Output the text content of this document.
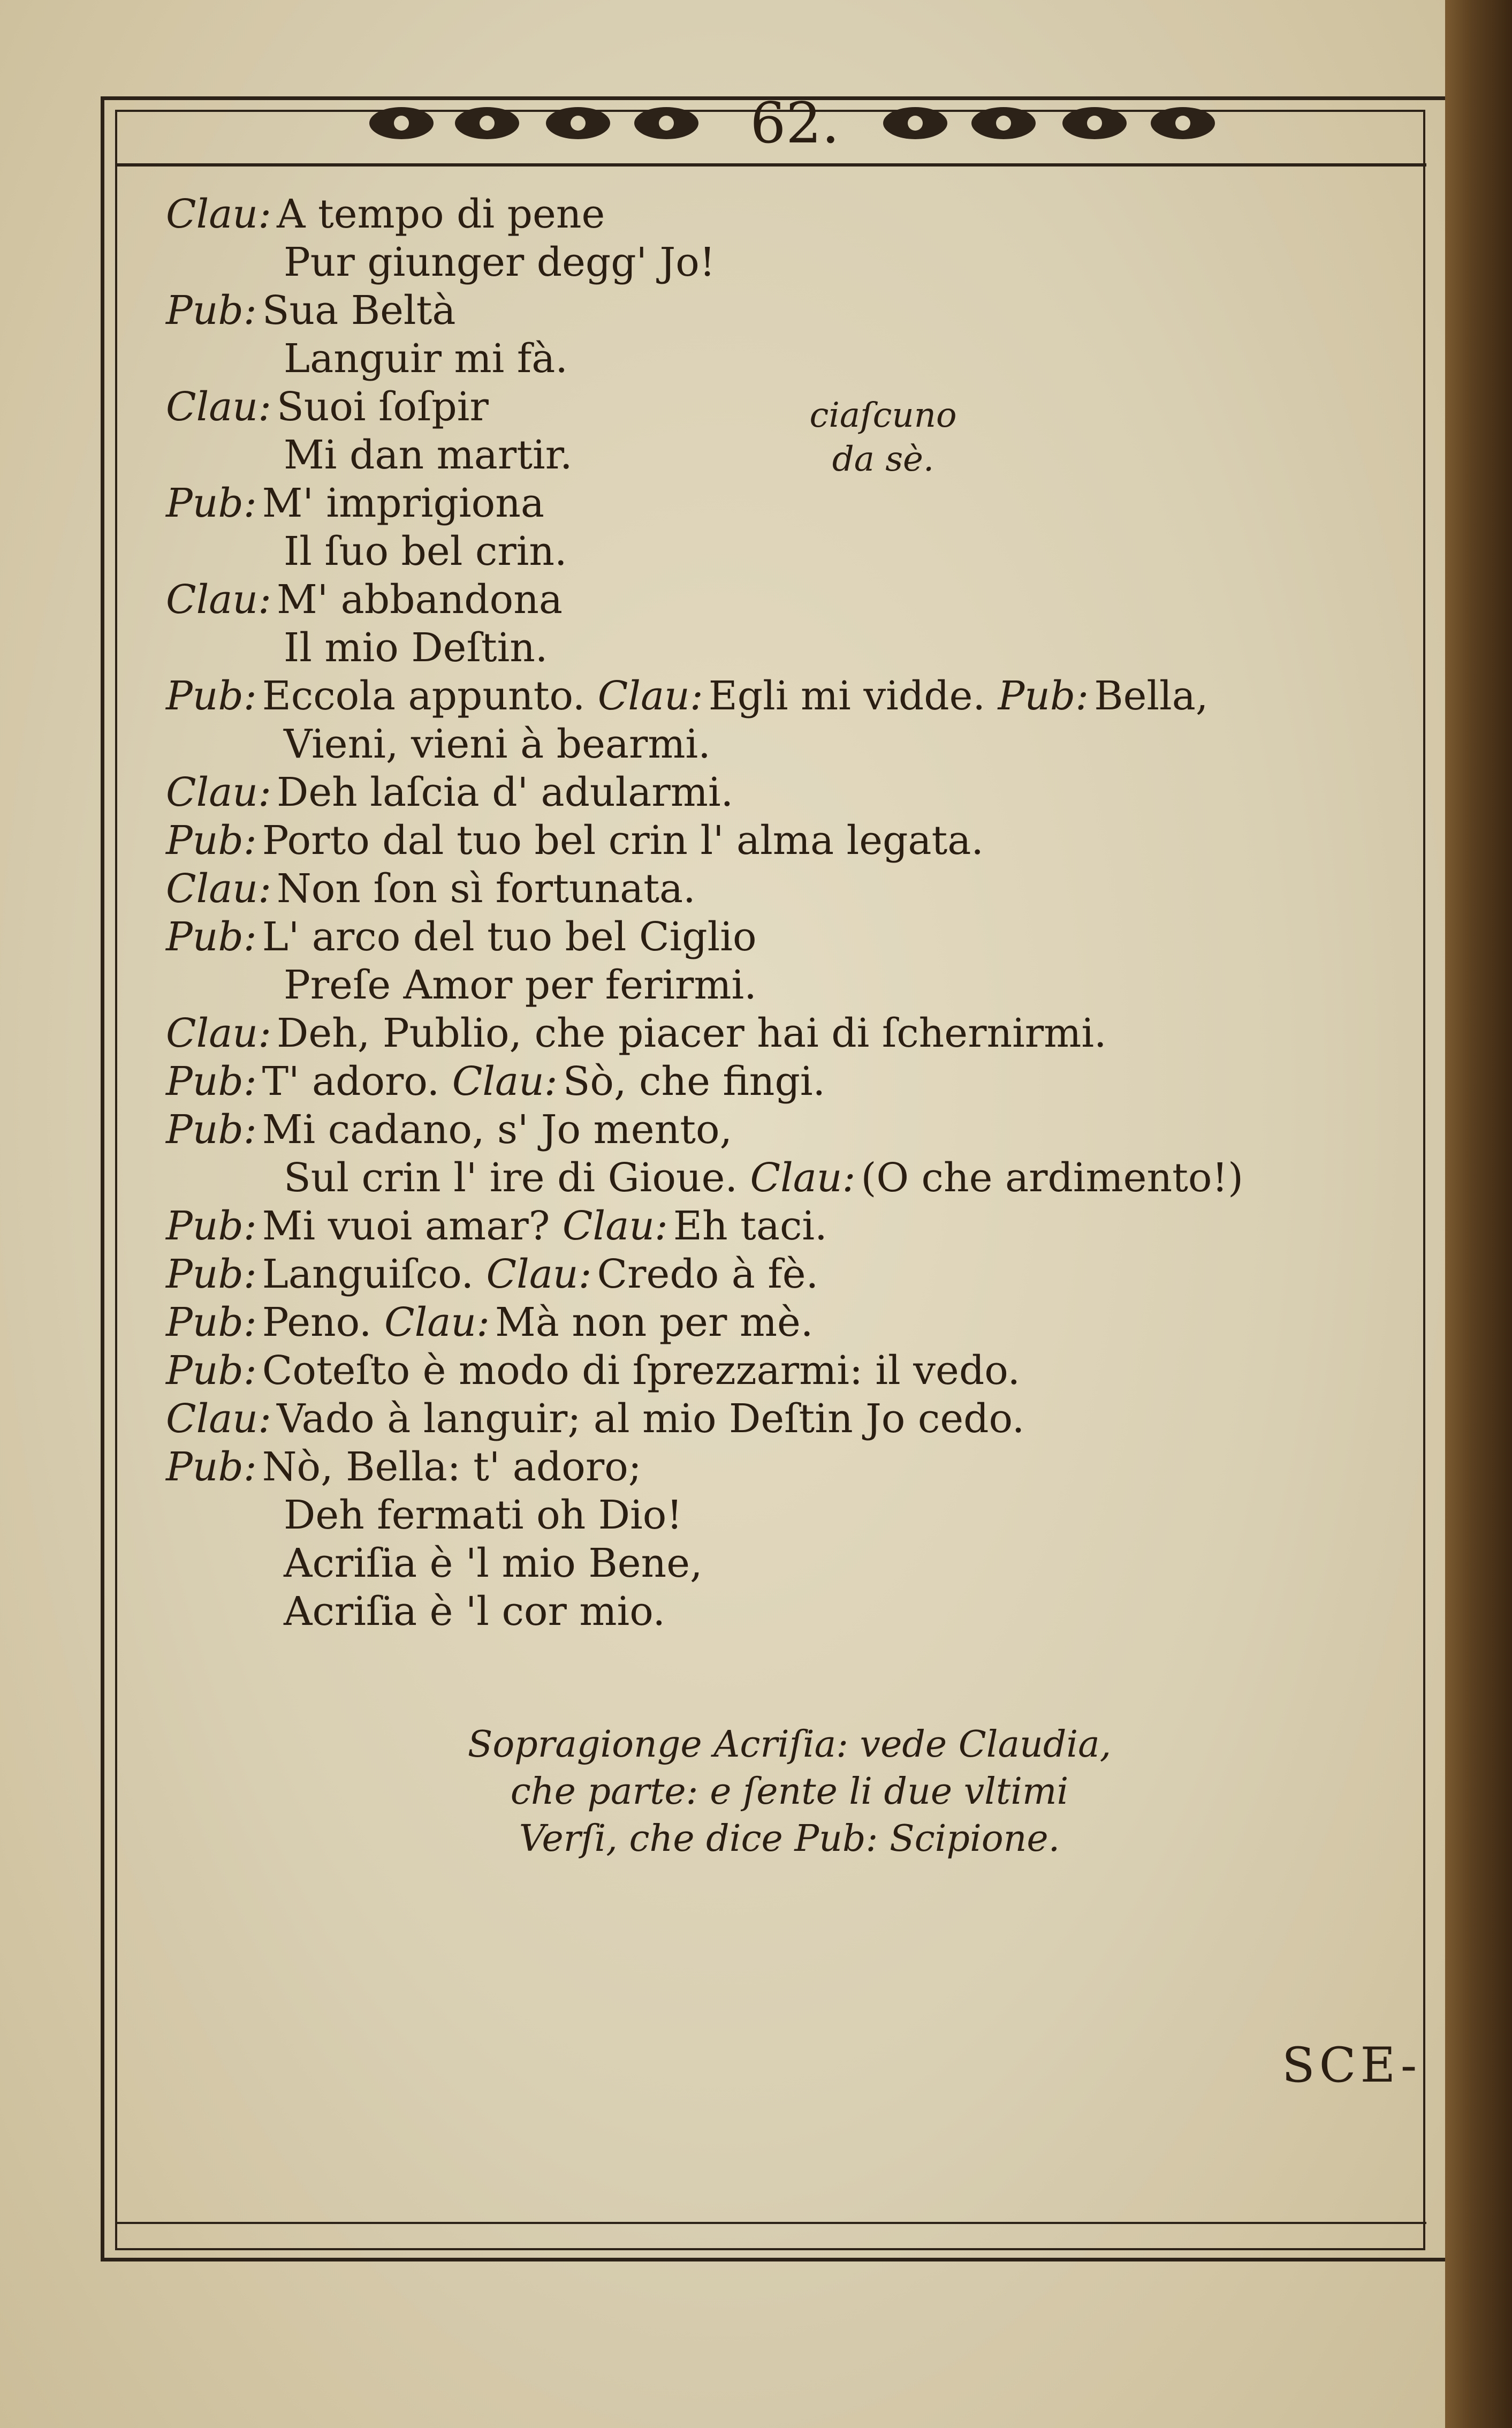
62.
Clau: A tempo di pene
Pur giunger degg' Jo!
Pub: Sua Beltà
Languir mi fà.
Clau: Suoi ſoſpir
Mi dan martir.
Pub: M' imprigiona
Il ſuo bel crin.
Clau: M' abbandona
Il mio Deſtin.
Pub: Eccola appunto. Clau: Egli mi vidde. Pub: Bella,
Vieni, vieni à bearmi.
Clau: Deh laſcia d' adularmi.
Pub: Porto dal tuo bel crin l' alma legata.
Clau: Non ſon sì fortunata.
Pub: L' arco del tuo bel Ciglio
Preſe Amor per ferirmi.
Clau: Deh, Publio, che piacer hai di ſchernirmi.
Pub: T' adoro. Clau: Sò, che fingi.
Pub: Mi cadano, s' Jo mento,
Sul crin l' ire di Gioue. Clau: (O che ardimento!)
Pub: Mi vuoi amar? Clau: Eh taci.
Pub: Languiſco. Clau: Credo à fè.
Pub: Peno. Clau: Mà non per mè.
Pub: Coteſto è modo di ſprezzarmi: il vedo.
Clau: Vado à languir; al mio Deſtin Jo cedo.
Pub: Nò, Bella: t' adoro;
Deh fermati oh Dio!
Acriſia è 'l mio Bene,
Acriſia è 'l cor mio.
ciaſcuno
da sè.
Sopragionge Acriſia: vede Claudia,
che parte: e ſente li due vltimi
Verſi, che dice Pub: Scipione.
SCE-
